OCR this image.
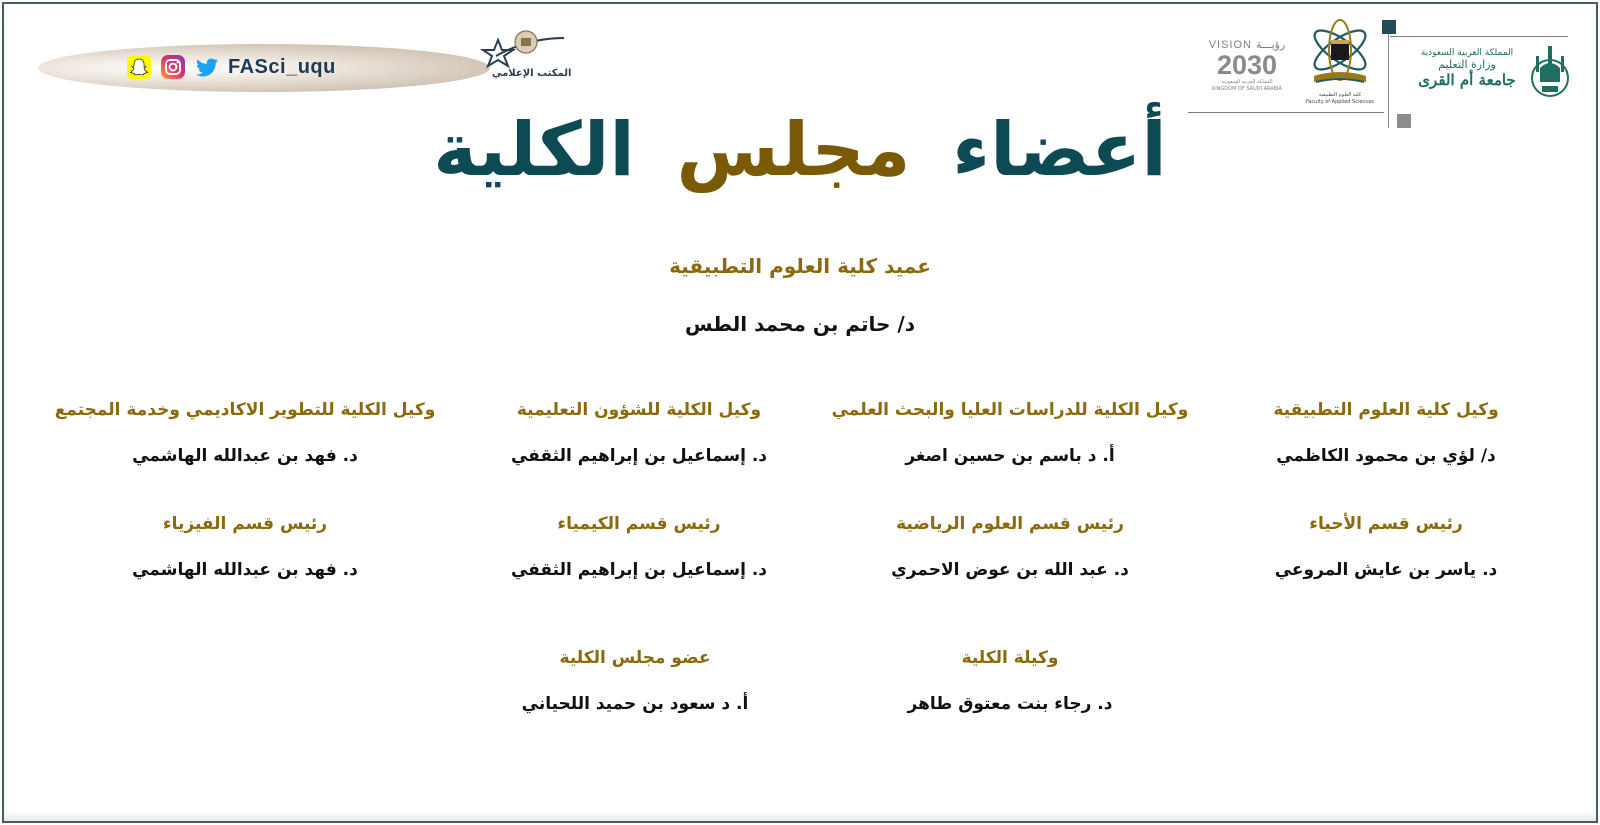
VISION رؤيـــة
2030
المملكة العربية السعودية
KINGDOM OF SAUDI ARABIA
كلية العلوم التطبيقية
Faculty of Applied Sciences
المملكة العربية السعودية
وزارة التعليم
جامعة أم القرى
FASci_uqu	المكتب الإعلامي
أعضاء مجلس الكلية
عميد كلية العلوم التطبيقية
د/ حاتم بن محمد الطس
وكيل كلية العلوم التطبيقية
د/ لؤي بن محمود الكاظمي
وكيل الكلية للدراسات العليا والبحث العلمي
أ. د باسم بن حسين اصغر
وكيل الكلية للشؤون التعليمية
د. إسماعيل بن إبراهيم الثقفي
وكيل الكلية للتطوير الاكاديمي وخدمة المجتمع
د. فهد بن عبدالله الهاشمي
رئيس قسم الأحياء
د. ياسر بن عايش المروعي
رئيس قسم العلوم الرياضية
د. عبد الله بن عوض الاحمري
رئيس قسم الكيمياء
د. إسماعيل بن إبراهيم الثقفي
رئيس قسم الفيزياء
د. فهد بن عبدالله الهاشمي
وكيلة الكلية
د. رجاء بنت معتوق طاهر
عضو مجلس الكلية
أ. د سعود بن حميد اللحياني
